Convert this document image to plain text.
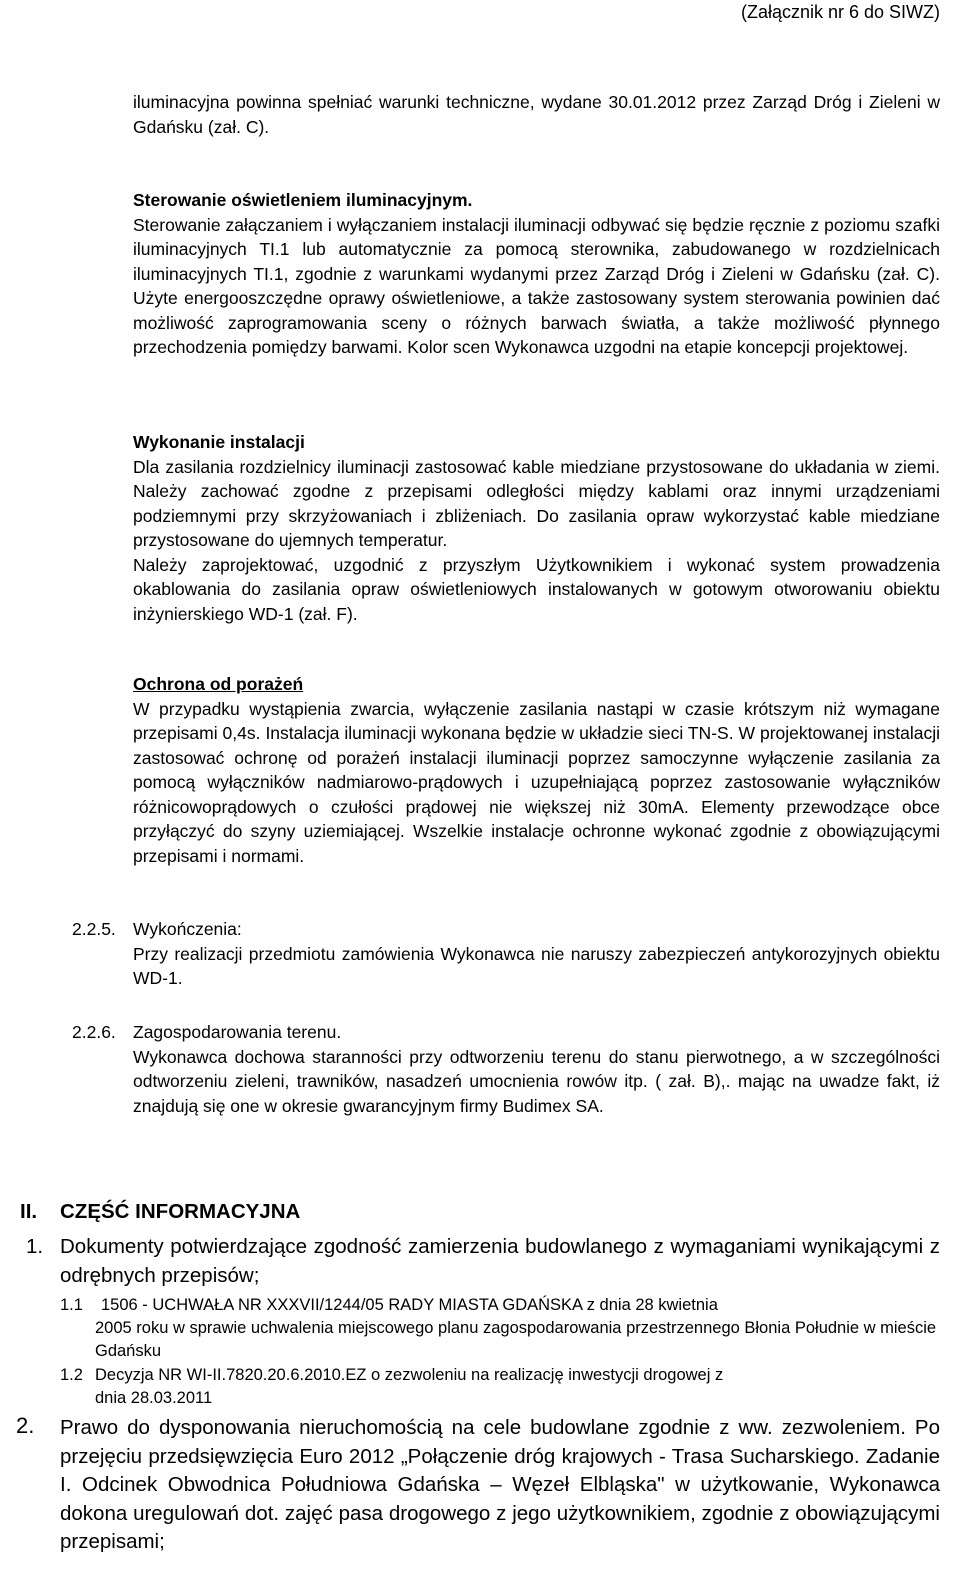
(Załącznik nr 6 do SIWZ)

iluminacyjna powinna spełniać warunki techniczne, wydane 30.01.2012 przez Zarząd Dróg i Zieleni w Gdańsku (zał. C).

Sterowanie oświetleniem iluminacyjnym.

Sterowanie załączaniem i wyłączaniem instalacji iluminacji odbywać się będzie ręcznie z poziomu szafki iluminacyjnych TI.1 lub automatycznie za pomocą sterownika, zabudowanego w rozdzielnicach iluminacyjnych TI.1, zgodnie z warunkami wydanymi przez Zarząd Dróg i Zieleni w Gdańsku (zał. C). Użyte energooszczędne oprawy oświetleniowe, a także zastosowany system sterowania powinien dać możliwość zaprogramowania sceny o różnych barwach światła, a także możliwość płynnego przechodzenia pomiędzy barwami. Kolor scen Wykonawca uzgodni na etapie koncepcji projektowej.

Wykonanie instalacji

Dla zasilania rozdzielnicy iluminacji zastosować kable miedziane przystosowane do układania w ziemi. Należy zachować zgodne z przepisami odległości między kablami oraz innymi urządzeniami podziemnymi przy skrzyżowaniach i zbliżeniach. Do zasilania opraw wykorzystać kable miedziane przystosowane do ujemnych temperatur.

Należy zaprojektować, uzgodnić z przyszłym Użytkownikiem i wykonać system prowadzenia okablowania do zasilania opraw oświetleniowych instalowanych w gotowym otworowaniu obiektu inżynierskiego WD-1 (zał. F).

Ochrona od porażeń

W przypadku wystąpienia zwarcia, wyłączenie zasilania nastąpi w czasie krótszym niż wymagane przepisami 0,4s. Instalacja iluminacji wykonana będzie w układzie sieci TN-S. W projektowanej instalacji zastosować ochronę od porażeń instalacji iluminacji poprzez samoczynne wyłączenie zasilania za pomocą wyłączników nadmiarowo-prądowych i uzupełniającą poprzez zastosowanie wyłączników różnicowoprądowych o czułości prądowej nie większej niż 30mA. Elementy przewodzące obce przyłączyć do szyny uziemiającej. Wszelkie instalacje ochronne wykonać zgodnie z obowiązującymi przepisami i normami.

2.2.5. Wykończenia:

Przy realizacji przedmiotu zamówienia Wykonawca nie naruszy zabezpieczeń antykorozyjnych obiektu WD-1.

2.2.6. Zagospodarowania terenu.

Wykonawca dochowa staranności przy odtworzeniu terenu do stanu pierwotnego, a w szczególności odtworzeniu zieleni, trawników, nasadzeń umocnienia rowów itp. ( zał. B),. mając na uwadze fakt, iż znajdują się one w okresie gwarancyjnym firmy Budimex SA.

II. CZĘŚĆ INFORMACYJNA
1. Dokumenty potwierdzające zgodność zamierzenia budowlanego z wymaganiami wynikającymi z odrębnych przepisów;
1.1 1506 - UCHWAŁA NR XXXVII/1244/05 RADY MIASTA GDAŃSKA z dnia 28 kwietnia
2005 roku w sprawie uchwalenia miejscowego planu zagospodarowania przestrzennego Błonia Południe w mieście Gdańsku
1.2 Decyzja NR WI-II.7820.20.6.2010.EZ o zezwoleniu na realizację inwestycji drogowej z
dnia 28.03.2011
2. Prawo do dysponowania nieruchomością na cele budowlane zgodnie z ww. zezwoleniem. Po przejęciu przedsięwzięcia Euro 2012 „Połączenie dróg krajowych - Trasa Sucharskiego. Zadanie I. Odcinek Obwodnica Południowa Gdańska – Węzeł Elbląska" w użytkowanie, Wykonawca dokona uregulowań dot. zajęć pasa drogowego z jego użytkownikiem, zgodnie z obowiązującymi przepisami;
